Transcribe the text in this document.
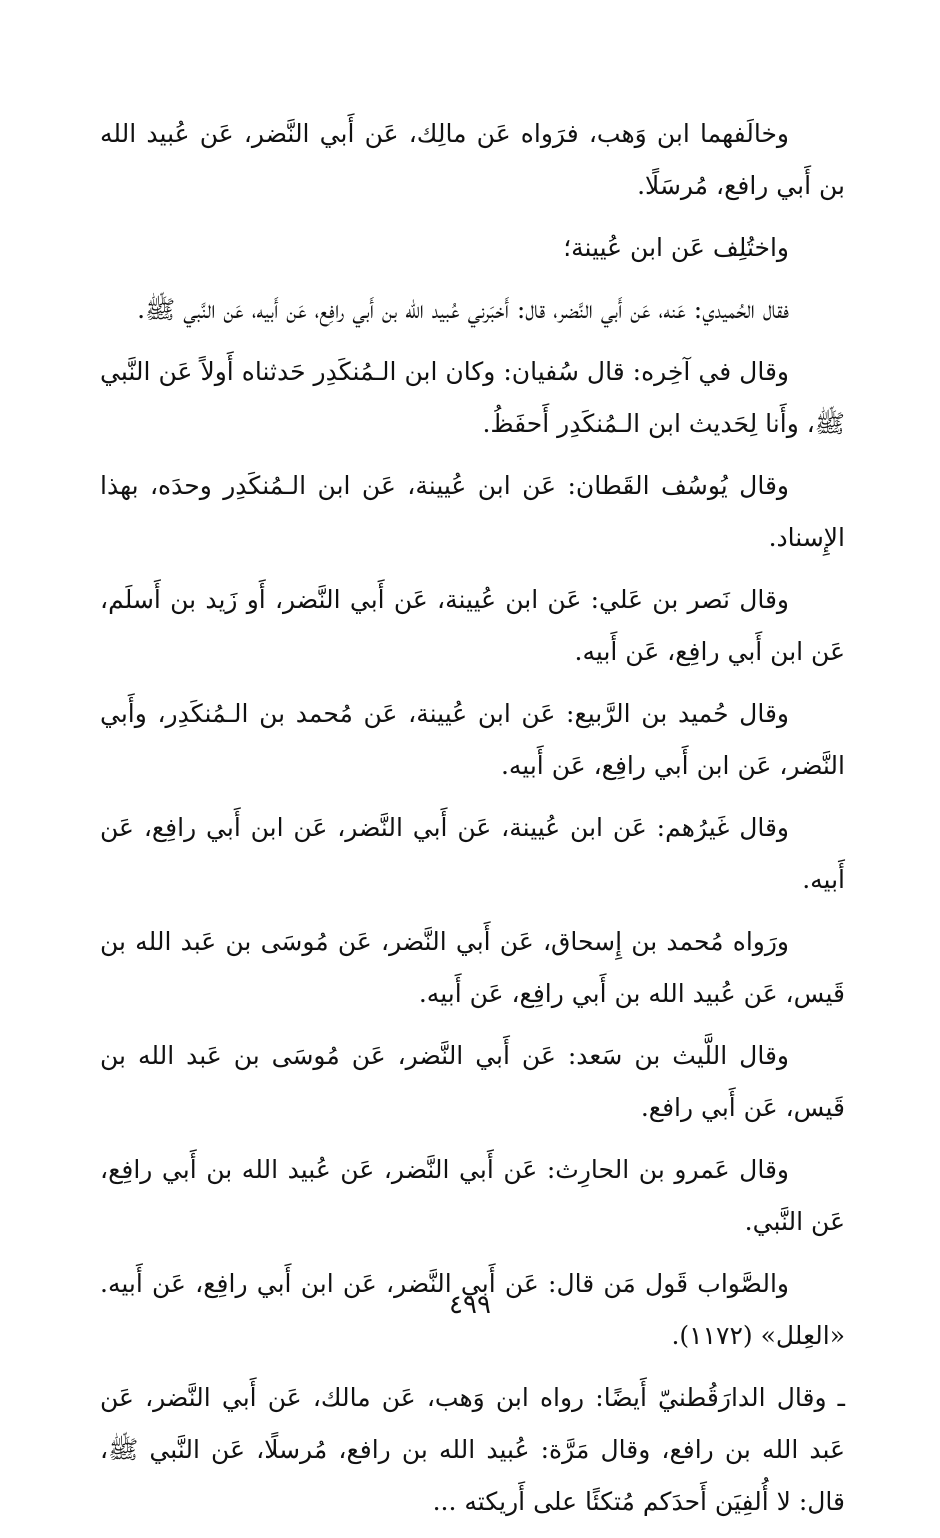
وخالَفهما ابن وَهب، فرَواه عَن مالِك، عَن أَبي النَّضر، عَن عُبيد الله بن أَبي رافع، مُرسَلًا.

واختُلِف عَن ابن عُيينة؛

فقال الحُميدي: عَنه، عَن أَبي النَّضر، قال: أَخبَرني عُبيد الله بن أَبي رافِع، عَن أَبيه، عَن النَّبي ﷺ.

وقال في آخِره: قال سُفيان: وكان ابن الـمُنكَدِر حَدثناه أَولاً عَن النَّبي ﷺ، وأَنا لِحَديث ابن الـمُنكَدِر أَحفَظُ.

وقال يُوسُف القَطان: عَن ابن عُيينة، عَن ابن الـمُنكَدِر وحدَه، بهذا الإِسناد.

وقال نَصر بن عَلي: عَن ابن عُيينة، عَن أَبي النَّضر، أَو زَيد بن أَسلَم، عَن ابن أَبي رافِع، عَن أَبيه.

وقال حُميد بن الرَّبيع: عَن ابن عُيينة، عَن مُحمد بن الـمُنكَدِر، وأَبي النَّضر، عَن ابن أَبي رافِع، عَن أَبيه.

وقال غَيرُهم: عَن ابن عُيينة، عَن أَبي النَّضر، عَن ابن أَبي رافِع، عَن أَبيه.

ورَواه مُحمد بن إِسحاق، عَن أَبي النَّضر، عَن مُوسَى بن عَبد الله بن قَيس، عَن عُبيد الله بن أَبي رافِع، عَن أَبيه.

وقال اللَّيث بن سَعد: عَن أَبي النَّضر، عَن مُوسَى بن عَبد الله بن قَيس، عَن أَبي رافع.

وقال عَمرو بن الحارِث: عَن أَبي النَّضر، عَن عُبيد الله بن أَبي رافِع، عَن النَّبي.

والصَّواب قَول مَن قال: عَن أَبي النَّضر، عَن ابن أَبي رافِع، عَن أَبيه. «العِلل» (١١٧٢).

ـ وقال الدارَقُطنيّ أَيضًا: رواه ابن وَهب، عَن مالك، عَن أَبي النَّضر، عَن عَبد الله بن رافع، وقال مَرَّة: عُبيد الله بن رافع، مُرسلًا، عَن النَّبي ﷺ، قال: لا أُلفِيَن أَحدَكم مُتكئًا على أَريكته ...

٤٩٩
